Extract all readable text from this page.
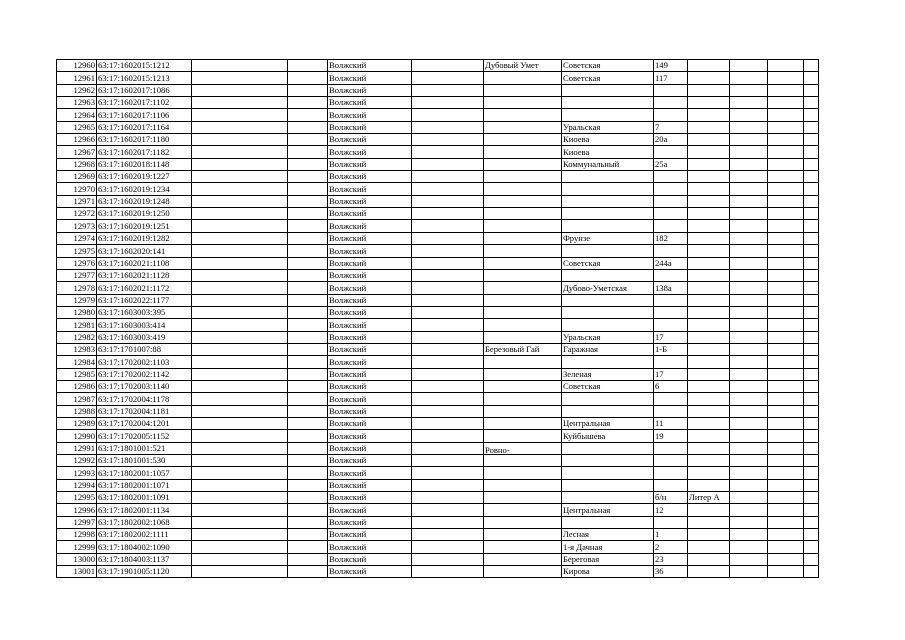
12960	63:17:1602015:1212			Волжский		Дубовый Умет	Советская	149				
12961	63:17:1602015:1213			Волжский			Советская	117				
12962	63:17:1602017:1086			Волжский								
12963	63:17:1602017:1102			Волжский								
12964	63:17:1602017:1106			Волжский								
12965	63:17:1602017:1164			Волжский			Уральская	7				
12966	63:17:1602017:1180			Волжский			Киоева	20а				
12967	63:17:1602017:1182			Волжский			Киоева					
12968	63:17:1602018:1148			Волжский			Коммунальный	25а				
12969	63:17:1602019:1227			Волжский								
12970	63:17:1602019:1234			Волжский								
12971	63:17:1602019:1248			Волжский								
12972	63:17:1602019:1250			Волжский								
12973	63:17:1602019:1251			Волжский								
12974	63:17:1602019:1282			Волжский			Фрунзе	182				
12975	63:17:1602020:141			Волжский								
12976	63:17:1602021:1108			Волжский			Советская	244а				
12977	63:17:1602021:1128			Волжский								
12978	63:17:1602021:1172			Волжский			Дубово-Уметская	138а				
12979	63:17:1602022:1177			Волжский								
12980	63:17:1603003:395			Волжский								
12981	63:17:1603003:414			Волжский								
12982	63:17:1603003:419			Волжский			Уральская	17				
12983	63:17:1701007:88			Волжский		Березовый Гай	Гаражная	1-Б				
12984	63:17:1702002:1103			Волжский								
12985	63:17:1702002:1142			Волжский			Зеленая	17				
12986	63:17:1702003:1140			Волжский			Советская	6				
12987	63:17:1702004:1178			Волжский								
12988	63:17:1702004:1181			Волжский								
12989	63:17:1702004:1201			Волжский			Центральная	11				
12990	63:17:1702005:1152			Волжский			Куйбышева	19				
12991	63:17:1801001:521			Волжский		Ровно-						

12992	63:17:1801001:530			Волжский								
12993	63:17:1802001:1057			Волжский								
12994	63:17:1802001:1071			Волжский								
12995	63:17:1802001:1091			Волжский				б/н	Литер А			
12996	63:17:1802001:1134			Волжский			Центральная	12				
12997	63:17:1802002:1068			Волжский								
12998	63:17:1802002:1111			Волжский			Лесная	1				
12999	63:17:1804002:1090			Волжский			1-я Дачная	2				
13000	63:17:1804003:1137			Волжский			Береговая	23				
13001	63:17:1901005:1120			Волжский			Кирова	36				
